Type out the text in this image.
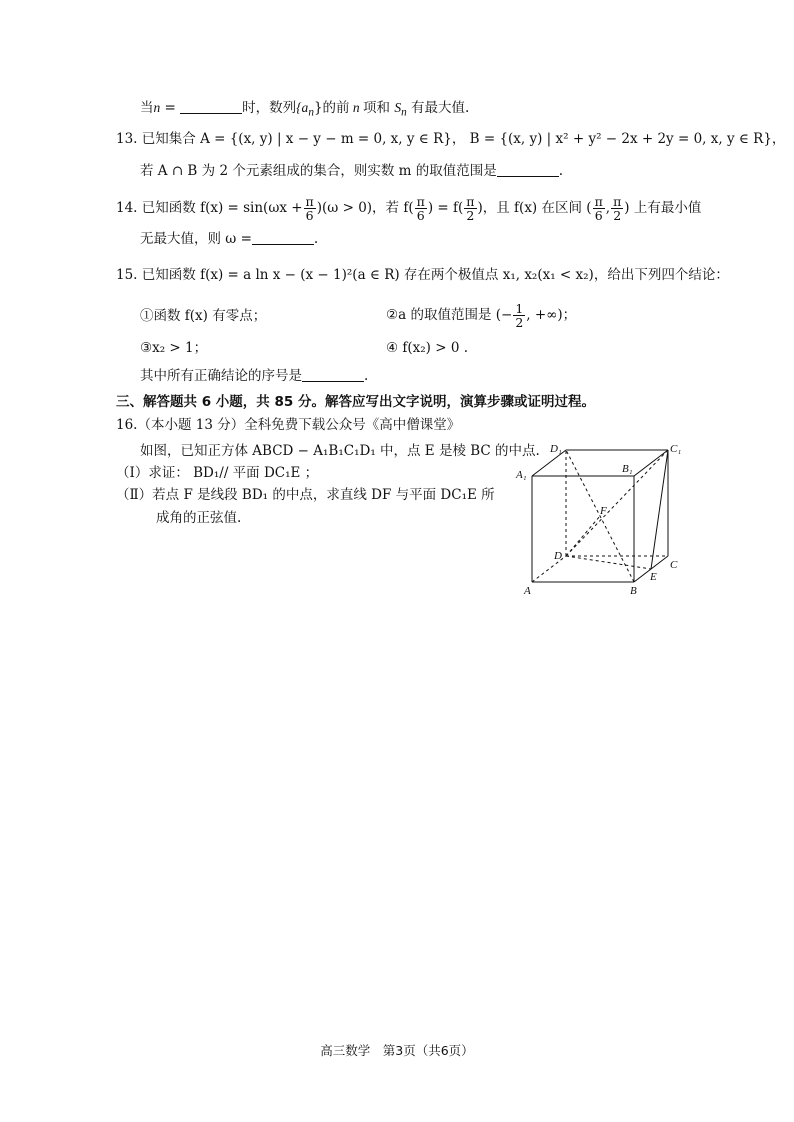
当n =	时，数列$\{a_n\}$的前 n 项和 $S_n$ 有最大值.
13. 已知集合 A = {(x, y) | x − y − m = 0, x, y ∈ R}， B = {(x, y) | x² + y² − 2x + 2y = 0, x, y ∈ R}，
若 A ∩ B 为 2 个元素组成的集合，则实数 m 的取值范围是	.
14. 已知函数 $f(x) = \sin(\omega x + \frac{\pi}{6} )(\omega > 0)$，若 $f( \frac{\pi}{6}$ ) = $f( \frac{\pi}{2}$ )，且 f(x) 在区间 ( $\frac{\pi}{6}$ , $\frac{\pi}{2}$ ) 上有最小值
无最大值，则 ω =	.
15. 已知函数 f(x) = a ln x − (x − 1)²(a ∈ R) 存在两个极值点 x₁, x₂(x₁ < x₂)，给出下列四个结论：
①函数 f(x) 有零点；	②a 的取值范围是 (− $\frac{1}{2}$ , +∞)；
③x₂ > 1；	④ f(x₂) > 0 .
其中所有正确结论的序号是	.
三、解答题共 6 小题，共 85 分。解答应写出文字说明，演算步骤或证明过程。
16.（本小题 13 分）全科免费下载公众号《高中僧课堂》
如图，已知正方体 ABCD − A₁B₁C₁D₁ 中，点 E 是棱 BC 的中点.
（Ⅰ）求证： BD₁// 平面 DC₁E ；
（Ⅱ）若点 F 是线段 BD₁ 的中点，求直线 DF 与平面 DC₁E 所
成角的正弦值.
D₁	C₁
B₁
A₁
F
D
C
E
A	B
高三数学　第3页（共6页）
